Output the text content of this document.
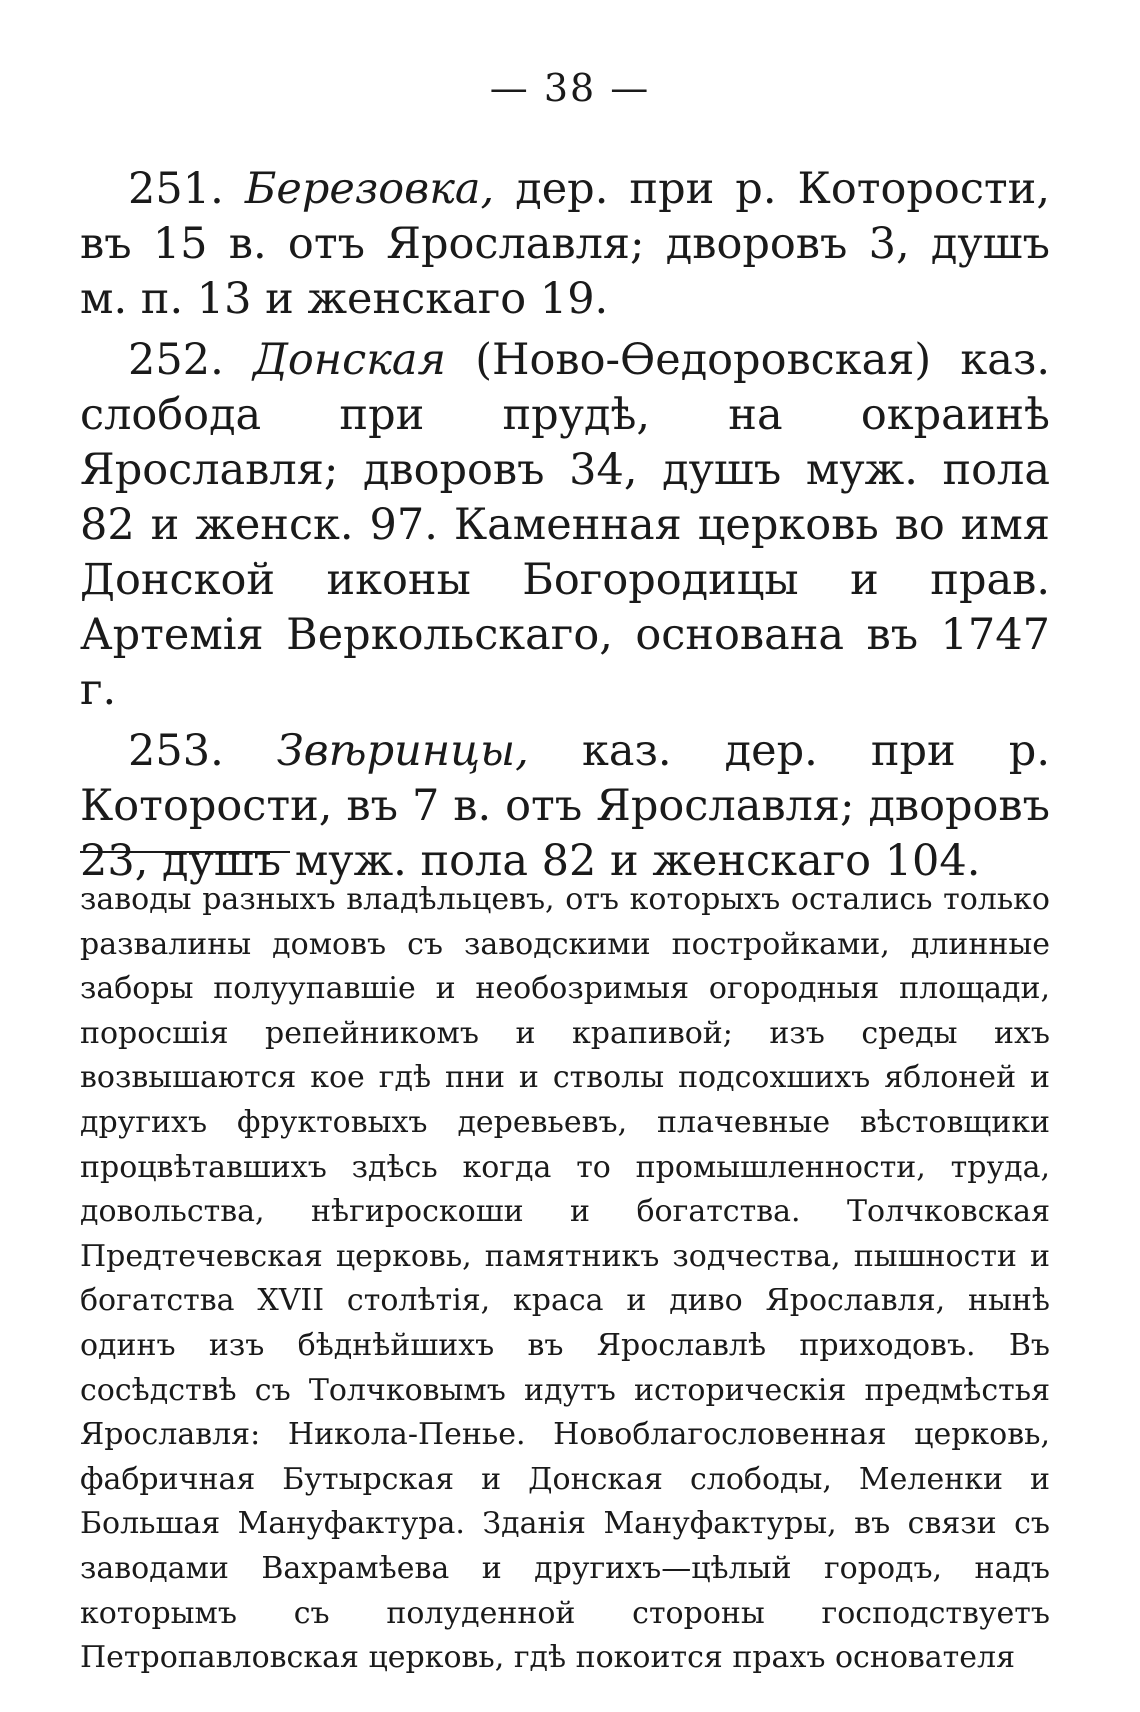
— 38 —

251. Березовка, дер. при р. Которости, въ 15 в. отъ Ярославля; дворовъ 3, душъ м. п. 13 и женскаго 19.

252. Донская (Ново-Өедоровская) каз. слобода при прудѣ, на окраинѣ Ярославля; дворовъ 34, душъ муж. пола 82 и женск. 97. Каменная церковь во имя Донской иконы Богородицы и прав. Артемія Веркольскаго, основана въ 1747 г.

253. Звѣринцы, каз. дер. при р. Которости, въ 7 в. отъ Ярославля; дворовъ 23, душъ муж. пола 82 и женскаго 104.

заводы разныхъ владѣльцевъ, отъ которыхъ остались только развалины домовъ съ заводскими постройками, длинные заборы полуупавшіе и необозримыя огородныя площади, поросшія репейникомъ и крапивой; изъ среды ихъ возвышаются кое гдѣ пни и стволы подсохшихъ яблоней и другихъ фруктовыхъ деревьевъ, плачевные вѣстовщики процвѣтавшихъ здѣсь когда то промышленности, труда, довольства, нѣгироскоши и богатства. Толчковская Предтечевская церковь, памятникъ зодчества, пышности и богатства XVII столѣтія, краса и диво Ярославля, нынѣ одинъ изъ бѣднѣйшихъ въ Ярославлѣ приходовъ. Въ сосѣдствѣ съ Толчковымъ идутъ историческія предмѣстья Ярославля: Никола-Пенье. Новоблагословенная церковь, фабричная Бутырская и Донская слободы, Меленки и Большая Мануфактура. Зданія Мануфактуры, въ связи съ заводами Вахрамѣева и другихъ—цѣлый городъ, надъ которымъ съ полуденной стороны господствуетъ Петропавловская церковь, гдѣ покоится прахъ основателя
